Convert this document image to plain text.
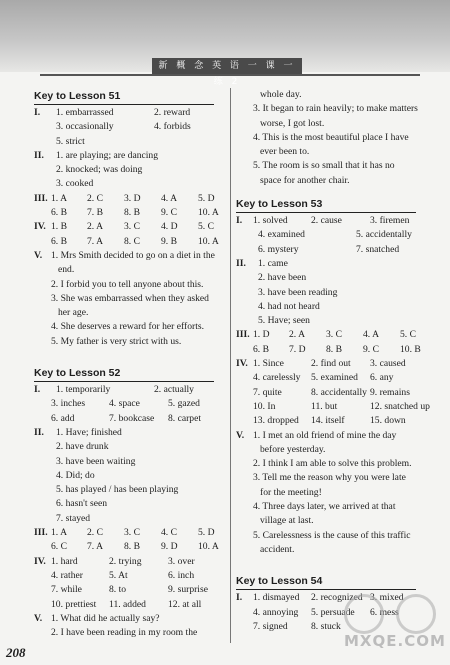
新 概 念 英 语 一 课 一 练 2
Key to Lesson 51
I. 1. embarrassed	2. reward
3. occasionally	4. forbids
5. strict
II. 1. are playing; are dancing
2. knocked; was doing
3. cooked
III. 1. A 2. C 3. D 4. A 5. D
6. B 7. B 8. B 9. C 10. A
IV. 1. B 2. A 3. C 4. D 5. C
6. B 7. A 8. C 9. B 10. A
V. 1. Mrs Smith decided to go on a diet in the
end.
2. I forbid you to tell anyone about this.
3. She was embarrassed when they asked
her age.
4. She deserves a reward for her efforts.
5. My father is very strict with us.
Key to Lesson 52
I. 1. temporarily	2. actually
3. inches 4. space	5. gazed
6. add	7. bookcase 8. carpet
II. 1. Have; finished
2. have drunk
3. have been waiting
4. Did; do
5. has played / has been playing
6. hasn't seen
7. stayed
III. 1. A 2. C 3. C 4. C 5. D
6. C 7. A 8. B 9. D 10. A
IV. 1. hard	2. trying	3. over
4. rather	5. At	6. inch
7. while	8. to	9. surprise
10. prettiest 11. added 12. at all
V. 1. What did he actually say?
2. I have been reading in my room the
whole day.
3. It began to rain heavily; to make matters
worse, I got lost.
4. This is the most beautiful place I have
ever been to.
5. The room is so small that it has no
space for another chair.
Key to Lesson 53
I. 1. solved 2. cause	3. firemen
4. examined	5. accidentally
6. mystery	7. snatched
II. 1. came
2. have been
3. have been reading
4. had not heard
5. Have; seen
III. 1. D 2. A 3. C 4. A 5. C
6. B 7. D 8. B 9. C 10. B
IV. 1. Since	2. find out 3. caused
4. carelessly 5. examined 6. any
7. quite	8. accidentally 9. remains
10. In	11. but	12. snatched up
13. dropped 14. itself	15. down
V. 1. I met an old friend of mine the day
before yesterday.
2. I think I am able to solve this problem.
3. Tell me the reason why you were late
for the meeting!
4. Three days later, we arrived at that
village at last.
5. Carelessness is the cause of this traffic
accident.
Key to Lesson 54
I. 1. dismayed 2. recognized 3. mixed
4. annoying 5. persuade 6. mess
7. signed 8. stuck
208
MXQE.COM
